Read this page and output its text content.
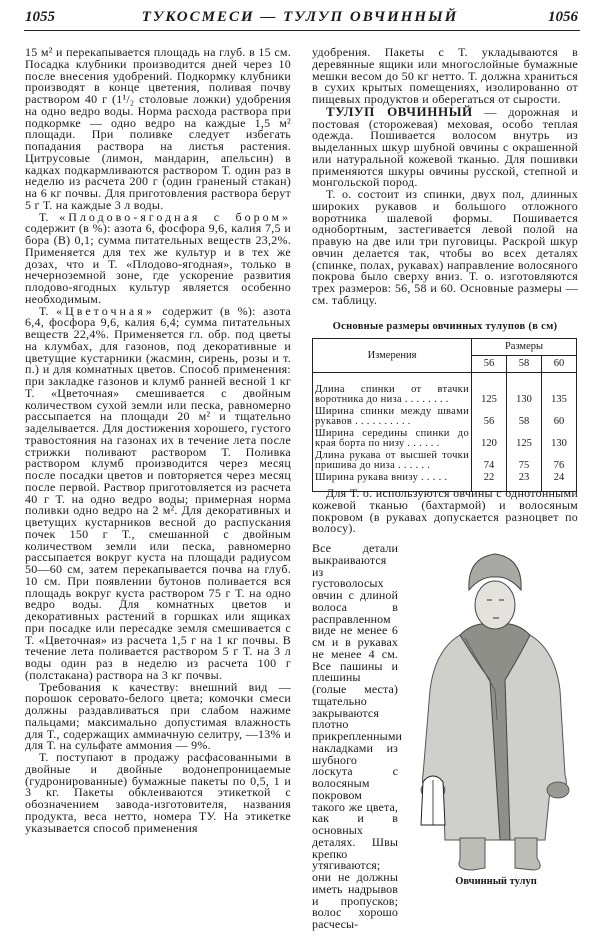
1055	ТУКОСМЕСИ — ТУЛУП ОВЧИННЫЙ	1056

15 м² и перекапывается площадь на глуб. в 15 см. Посадка клубники производится дней через 10 после внесения удобрений. Подкормку клубники производят в конце цветения, поливая почву раствором 40 г (1¹/₂ столовые ложки) удобрения на одно ведро воды. Норма расхода раствора при подкормке — одно ведро на каждые 1,5 м² площади. При поливке следует избегать попадания раствора на листья растения. Цитрусовые (лимон, мандарин, апельсин) в кадках подкармливаются раствором Т. один раз в неделю из расчета 200 г (один граненый стакан) на 6 кг почвы. Для приготовления раствора берут 5 г Т. на каждые 3 л воды.

Т. «Плодово-ягодная с бором» содержит (в %): азота 6, фосфора 9,6, калия 7,5 и бора (В) 0,1; сумма питательных веществ 23,2%. Применяется для тех же культур и в тех же дозах, что и Т. «Плодово-ягодная», только в нечерноземной зоне, где ускорение развития плодово-ягодных культур является особенно необходимым.

Т. «Цветочная» содержит (в %): азота 6,4, фосфора 9,6, калия 6,4; сумма питательных веществ 22,4%. Применяется гл. обр. под цветы на клумбах, для газонов, под декоративные и цветущие кустарники (жасмин, сирень, розы и т. п.) и для комнатных цветов. Способ применения: при закладке газонов и клумб ранней весной 1 кг Т. «Цветочная» смешивается с двойным количеством сухой земли или песка, равномерно рассыпается на площади 20 м² и тщательно заделывается. Для достижения хорошего, густого травостояния на газонах их в течение лета после стрижки поливают раствором Т. Поливка раствором клумб производится через месяц после посадки цветов и повторяется через месяц после первой. Раствор приготовляется из расчета 40 г Т. на одно ведро воды; примерная норма поливки одно ведро на 2 м². Для декоративных и цветущих кустарников весной до распускания почек 150 г Т., смешанной с двойным количеством земли или песка, равномерно рассыпается вокруг куста на площади радиусом 50—60 см, затем перекапывается почва на глуб. 10 см. При появлении бутонов поливается вся площадь вокруг куста раствором 75 г Т. на одно ведро воды. Для комнатных цветов и декоративных растений в горшках или ящиках при посадке или пересадке земля смешивается с Т. «Цветочная» из расчета 1,5 г на 1 кг почвы. В течение лета поливается раствором 5 г Т. на 3 л воды один раз в неделю из расчета 100 г (полстакана) раствора на 3 кг почвы.

Требования к качеству: внешний вид — порошок серовато-белого цвета; комочки смеси должны раздавливаться при слабом нажиме пальцами; максимально допустимая влажность для Т., содержащих аммиачную селитру, —13% и для Т. на сульфате аммония — 9%.

Т. поступают в продажу расфасованными в двойные и двойные водонепроницаемые (гудронированные) бумажные пакеты по 0,5, 1 и 3 кг. Пакеты обклеиваются этикеткой с обозначением завода-изготовителя, названия продукта, веса нетто, номера ТУ. На этикетке указывается способ применения

удобрения. Пакеты с Т. укладываются в деревянные ящики или многослойные бумажные мешки весом до 50 кг нетто. Т. должна храниться в сухих крытых помещениях, изолированно от пищевых продуктов и оберегаться от сырости.

ТУЛУП ОВЧИННЫЙ — дорожная и постовая (сторожевая) меховая, особо теплая одежда. Пошивается волосом внутрь из выделанных шкур шубной овчины с окрашенной или натуральной кожевой тканью. Для пошивки применяются шкуры овчины русской, степной и монгольской пород.

Т. о. состоит из спинки, двух пол, длинных широких рукавов и большого отложного воротника шалевой формы. Пошивается однобортным, застегивается левой полой на правую на две или три пуговицы. Раскрой шкур овчин делается так, чтобы во всех деталях (спинке, полах, рукавах) направление волосяного покрова было сверху вниз. Т. о. изготовляются трех размеров: 56, 58 и 60. Основные размеры — см. таблицу.

Основные размеры овчинных тулупов (в см)
Измерения	Размеры		
	56	58	60
Длина спинки от втачки воротника до низа . . . . . . . .	125	130	135
Ширина спинки между швами рукавов . . . . . . . . . .	56	58	60
Ширина середины спинки до края борта по низу . . . . . .	120	125	130
Длина рукава от высшей точки пришива до низа . . . . . .	74	75	76
Ширина рукава внизу . . . . .	22	23	24

Для Т. о. используются овчины с однотонными кожевой тканью (бахтармой) и волосяным покровом (в рукавах допускается разноцвет по волосу).

Все детали выкраиваются из густоволосых овчин с длиной волоса в расправленном виде не менее 6 см и в рукавах не менее 4 см. Все пашины и плешины (голые места) тщательно закрываются плотно прикрепленными накладками из шубного лоскута с волосяным покровом такого же цвета, как и в основных деталях. Швы крепко утягиваются; они не должны иметь надрывов и пропусков; волос хорошо расчесы-

Овчинный тулуп
